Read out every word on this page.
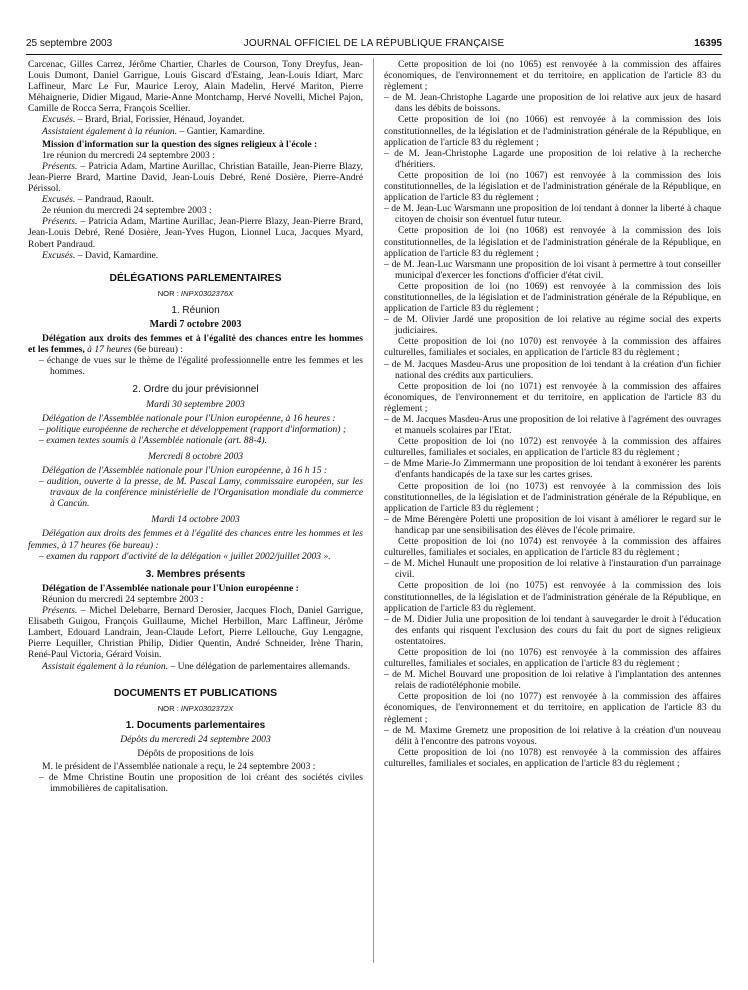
25 septembre 2003	JOURNAL OFFICIEL DE LA RÉPUBLIQUE FRANÇAISE	16395

Carcenac, Gilles Carrez, Jérôme Chartier, Charles de Courson, Tony Dreyfus, Jean-Louis Dumont, Daniel Garrigue, Louis Giscard d'Estaing, Jean-Louis Idiart, Marc Laffineur, Marc Le Fur, Maurice Leroy, Alain Madelin, Hervé Mariton, Pierre Méhaignerie, Didier Migaud, Marie-Anne Montchamp, Hervé Novelli, Michel Pajon, Camille de Rocca Serra, François Scellier.

Excusés. – Brard, Brial, Forissier, Hénaud, Joyandet.

Assistaient également à la réunion. – Gantier, Kamardine.

Mission d'information sur la question des signes religieux à l'école :

1re réunion du mercredi 24 septembre 2003 :

Présents. – Patricia Adam, Martine Aurillac, Christian Bataille, Jean-Pierre Blazy, Jean-Pierre Brard, Martine David, Jean-Louis Debré, René Dosière, Pierre-André Périssol.

Excusés. – Pandraud, Raoult.

2e réunion du mercredi 24 septembre 2003 :

Présents. – Patricia Adam, Martine Aurillac, Jean-Pierre Blazy, Jean-Pierre Brard, Jean-Louis Debré, René Dosière, Jean-Yves Hugon, Lionnel Luca, Jacques Myard, Robert Pandraud.

Excusés. – David, Kamardine.

DÉLÉGATIONS PARLEMENTAIRES
NOR : INPX0302376X
1. Réunion
Mardi 7 octobre 2003

Délégation aux droits des femmes et à l'égalité des chances entre les hommes et les femmes, à 17 heures (6e bureau) :

– échange de vues sur le thème de l'égalité professionnelle entre les femmes et les hommes.

2. Ordre du jour prévisionnel
Mardi 30 septembre 2003

Délégation de l'Assemblée nationale pour l'Union européenne, à 16 heures :

– politique européenne de recherche et développement (rapport d'information) ;

– examen textes soumis à l'Assemblée nationale (art. 88-4).

Mercredi 8 octobre 2003

Délégation de l'Assemblée nationale pour l'Union européenne, à 16 h 15 :

– audition, ouverte à la presse, de M. Pascal Lamy, commissaire européen, sur les travaux de la conférence ministérielle de l'Organisation mondiale du commerce à Cancún.

Mardi 14 octobre 2003

Délégation aux droits des femmes et à l'égalité des chances entre les hommes et les femmes, à 17 heures (6e bureau) :

– examen du rapport d'activité de la délégation « juillet 2002/juillet 2003 ».

3. Membres présents

Délégation de l'Assemblée nationale pour l'Union européenne :

Réunion du mercredi 24 septembre 2003 :

Présents. – Michel Delebarre, Bernard Derosier, Jacques Floch, Daniel Garrigue, Elisabeth Guigou, François Guillaume, Michel Herbillon, Marc Laffineur, Jérôme Lambert, Edouard Landrain, Jean-Claude Lefort, Pierre Lellouche, Guy Lengagne, Pierre Lequiller, Christian Philip, Didier Quentin, André Schneider, Irène Tharin, René-Paul Victoria, Gérard Voisin.

Assistait également à la réunion. – Une délégation de parlementaires allemands.

DOCUMENTS ET PUBLICATIONS
NOR : INPX0302372X
1. Documents parlementaires
Dépôts du mercredi 24 septembre 2003
Dépôts de propositions de lois

M. le président de l'Assemblée nationale a reçu, le 24 septembre 2003 :

– de Mme Christine Boutin une proposition de loi créant des sociétés civiles immobilières de capitalisation.

Cette proposition de loi (no 1065) est renvoyée à la commission des affaires économiques, de l'environnement et du territoire, en application de l'article 83 du règlement ;

– de M. Jean-Christophe Lagarde une proposition de loi relative aux jeux de hasard dans les débits de boissons.

Cette proposition de loi (no 1066) est renvoyée à la commission des lois constitutionnelles, de la législation et de l'administration générale de la République, en application de l'article 83 du règlement ;

– de M. Jean-Christophe Lagarde une proposition de loi relative à la recherche d'héritiers.

Cette proposition de loi (no 1067) est renvoyée à la commission des lois constitutionnelles, de la législation et de l'administration générale de la République, en application de l'article 83 du règlement ;

– de M. Jean-Luc Warsmann une proposition de loi tendant à donner la liberté à chaque citoyen de choisir son éventuel futur tuteur.

Cette proposition de loi (no 1068) est renvoyée à la commission des lois constitutionnelles, de la législation et de l'administration générale de la République, en application de l'article 83 du règlement ;

– de M. Jean-Luc Warsmann une proposition de loi visant à permettre à tout conseiller municipal d'exercer les fonctions d'officier d'état civil.

Cette proposition de loi (no 1069) est renvoyée à la commission des lois constitutionnelles, de la législation et de l'administration générale de la République, en application de l'article 83 du règlement ;

– de M. Olivier Jardé une proposition de loi relative au régime social des experts judiciaires.

Cette proposition de loi (no 1070) est renvoyée à la commission des affaires culturelles, familiales et sociales, en application de l'article 83 du règlement ;

– de M. Jacques Masdeu-Arus une proposition de loi tendant à la création d'un fichier national des crédits aux particuliers.

Cette proposition de loi (no 1071) est renvoyée à la commission des affaires économiques, de l'environnement et du territoire, en application de l'article 83 du règlement ;

– de M. Jacques Masdeu-Arus une proposition de loi relative à l'agrément des ouvrages et manuels scolaires par l'Etat.

Cette proposition de loi (no 1072) est renvoyée à la commission des affaires culturelles, familiales et sociales, en application de l'article 83 du règlement ;

– de Mme Marie-Jo Zimmermann une proposition de loi tendant à exonérer les parents d'enfants handicapés de la taxe sur les cartes grises.

Cette proposition de loi (no 1073) est renvoyée à la commission des lois constitutionnelles, de la législation et de l'administration générale de la République, en application de l'article 83 du règlement ;

– de Mme Bérengère Poletti une proposition de loi visant à améliorer le regard sur le handicap par une sensibilisation des élèves de l'école primaire.

Cette proposition de loi (no 1074) est renvoyée à la commission des affaires culturelles, familiales et sociales, en application de l'article 83 du règlement ;

– de M. Michel Hunault une proposition de loi relative à l'instauration d'un parrainage civil.

Cette proposition de loi (no 1075) est renvoyée à la commission des lois constitutionnelles, de la législation et de l'administration générale de la République, en application de l'article 83 du règlement.

– de M. Didier Julia une proposition de loi tendant à sauvegarder le droit à l'éducation des enfants qui risquent l'exclusion des cours du fait du port de signes religieux ostentatoires.

Cette proposition de loi (no 1076) est renvoyée à la commission des affaires culturelles, familiales et sociales, en application de l'article 83 du règlement ;

– de M. Michel Bouvard une proposition de loi relative à l'implantation des antennes relais de radiotéléphonie mobile.

Cette proposition de loi (no 1077) est renvoyée à la commission des affaires économiques, de l'environnement et du territoire, en application de l'article 83 du règlement ;

– de M. Maxime Gremetz une proposition de loi relative à la création d'un nouveau délit à l'encontre des patrons voyous.

Cette proposition de loi (no 1078) est renvoyée à la commission des affaires culturelles, familiales et sociales, en application de l'article 83 du règlement ;
